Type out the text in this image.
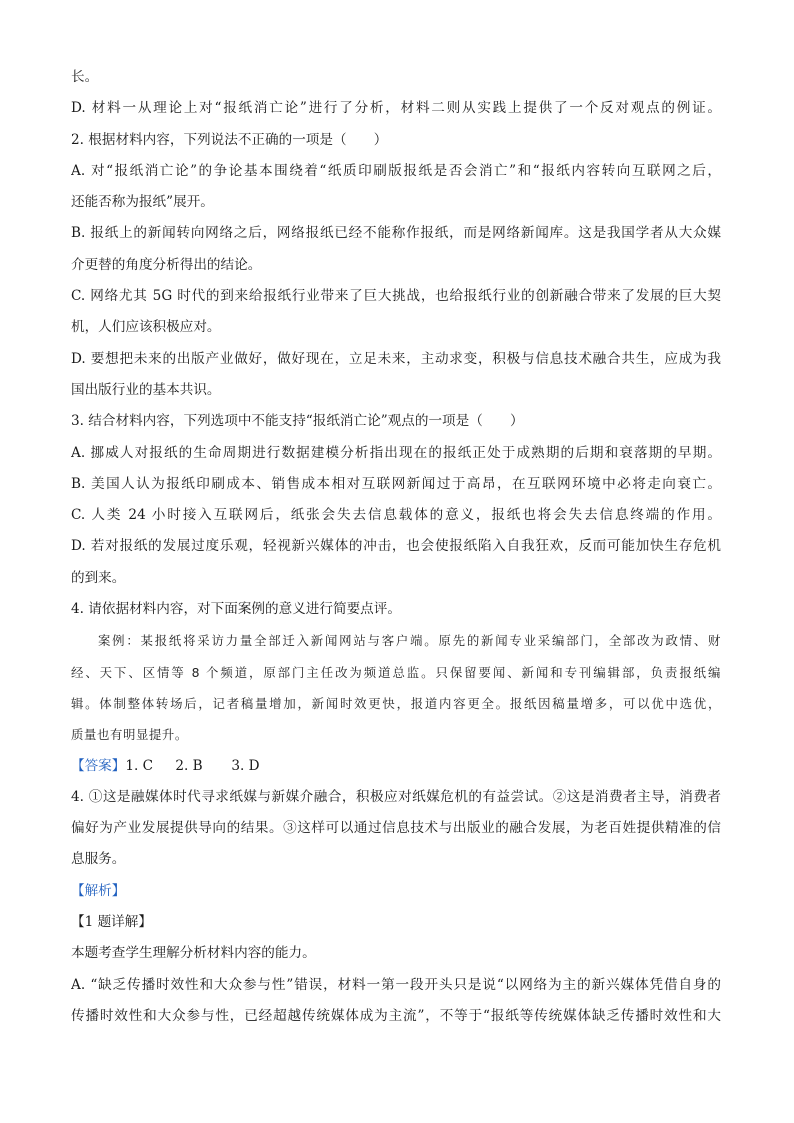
长。
D. 材料一从理论上对“报纸消亡论”进行了分析，材料二则从实践上提供了一个反对观点的例证。
2. 根据材料内容，下列说法不正确的一项是（　　）
A. 对“报纸消亡论”的争论基本围绕着“纸质印刷版报纸是否会消亡”和“报纸内容转向互联网之后，
还能否称为报纸”展开。
B. 报纸上的新闻转向网络之后，网络报纸已经不能称作报纸，而是网络新闻库。这是我国学者从大众媒
介更替的角度分析得出的结论。
C. 网络尤其 5G 时代的到来给报纸行业带来了巨大挑战，也给报纸行业的创新融合带来了发展的巨大契
机，人们应该积极应对。
D. 要想把未来的出版产业做好，做好现在，立足未来，主动求变，积极与信息技术融合共生，应成为我
国出版行业的基本共识。
3. 结合材料内容，下列选项中不能支持“报纸消亡论”观点的一项是（　　）
A. 挪威人对报纸的生命周期进行数据建模分析指出现在的报纸正处于成熟期的后期和衰落期的早期。
B. 美国人认为报纸印刷成本、销售成本相对互联网新闻过于高昂，在互联网环境中必将走向衰亡。
C. 人类 24 小时接入互联网后，纸张会失去信息载体的意义，报纸也将会失去信息终端的作用。
D. 若对报纸的发展过度乐观，轻视新兴媒体的冲击，也会使报纸陷入自我狂欢，反而可能加快生存危机
的到来。
4. 请依据材料内容，对下面案例的意义进行简要点评。
案例：某报纸将采访力量全部迁入新闻网站与客户端。原先的新闻专业采编部门，全部改为政情、财
经、天下、区情等 8 个频道，原部门主任改为频道总监。只保留要闻、新闻和专刊编辑部，负责报纸编
辑。体制整体转场后，记者稿量增加，新闻时效更快，报道内容更全。报纸因稿量增多，可以优中选优，
质量也有明显提升。
【答案】1. C 2. B 3. D
4. ①这是融媒体时代寻求纸媒与新媒介融合，积极应对纸媒危机的有益尝试。②这是消费者主导，消费者
偏好为产业发展提供导向的结果。③这样可以通过信息技术与出版业的融合发展，为老百姓提供精准的信
息服务。
【解析】
【1 题详解】
本题考查学生理解分析材料内容的能力。
A. “缺乏传播时效性和大众参与性”错误，材料一第一段开头只是说“以网络为主的新兴媒体凭借自身的
传播时效性和大众参与性，已经超越传统媒体成为主流”，不等于“报纸等传统媒体缺乏传播时效性和大
